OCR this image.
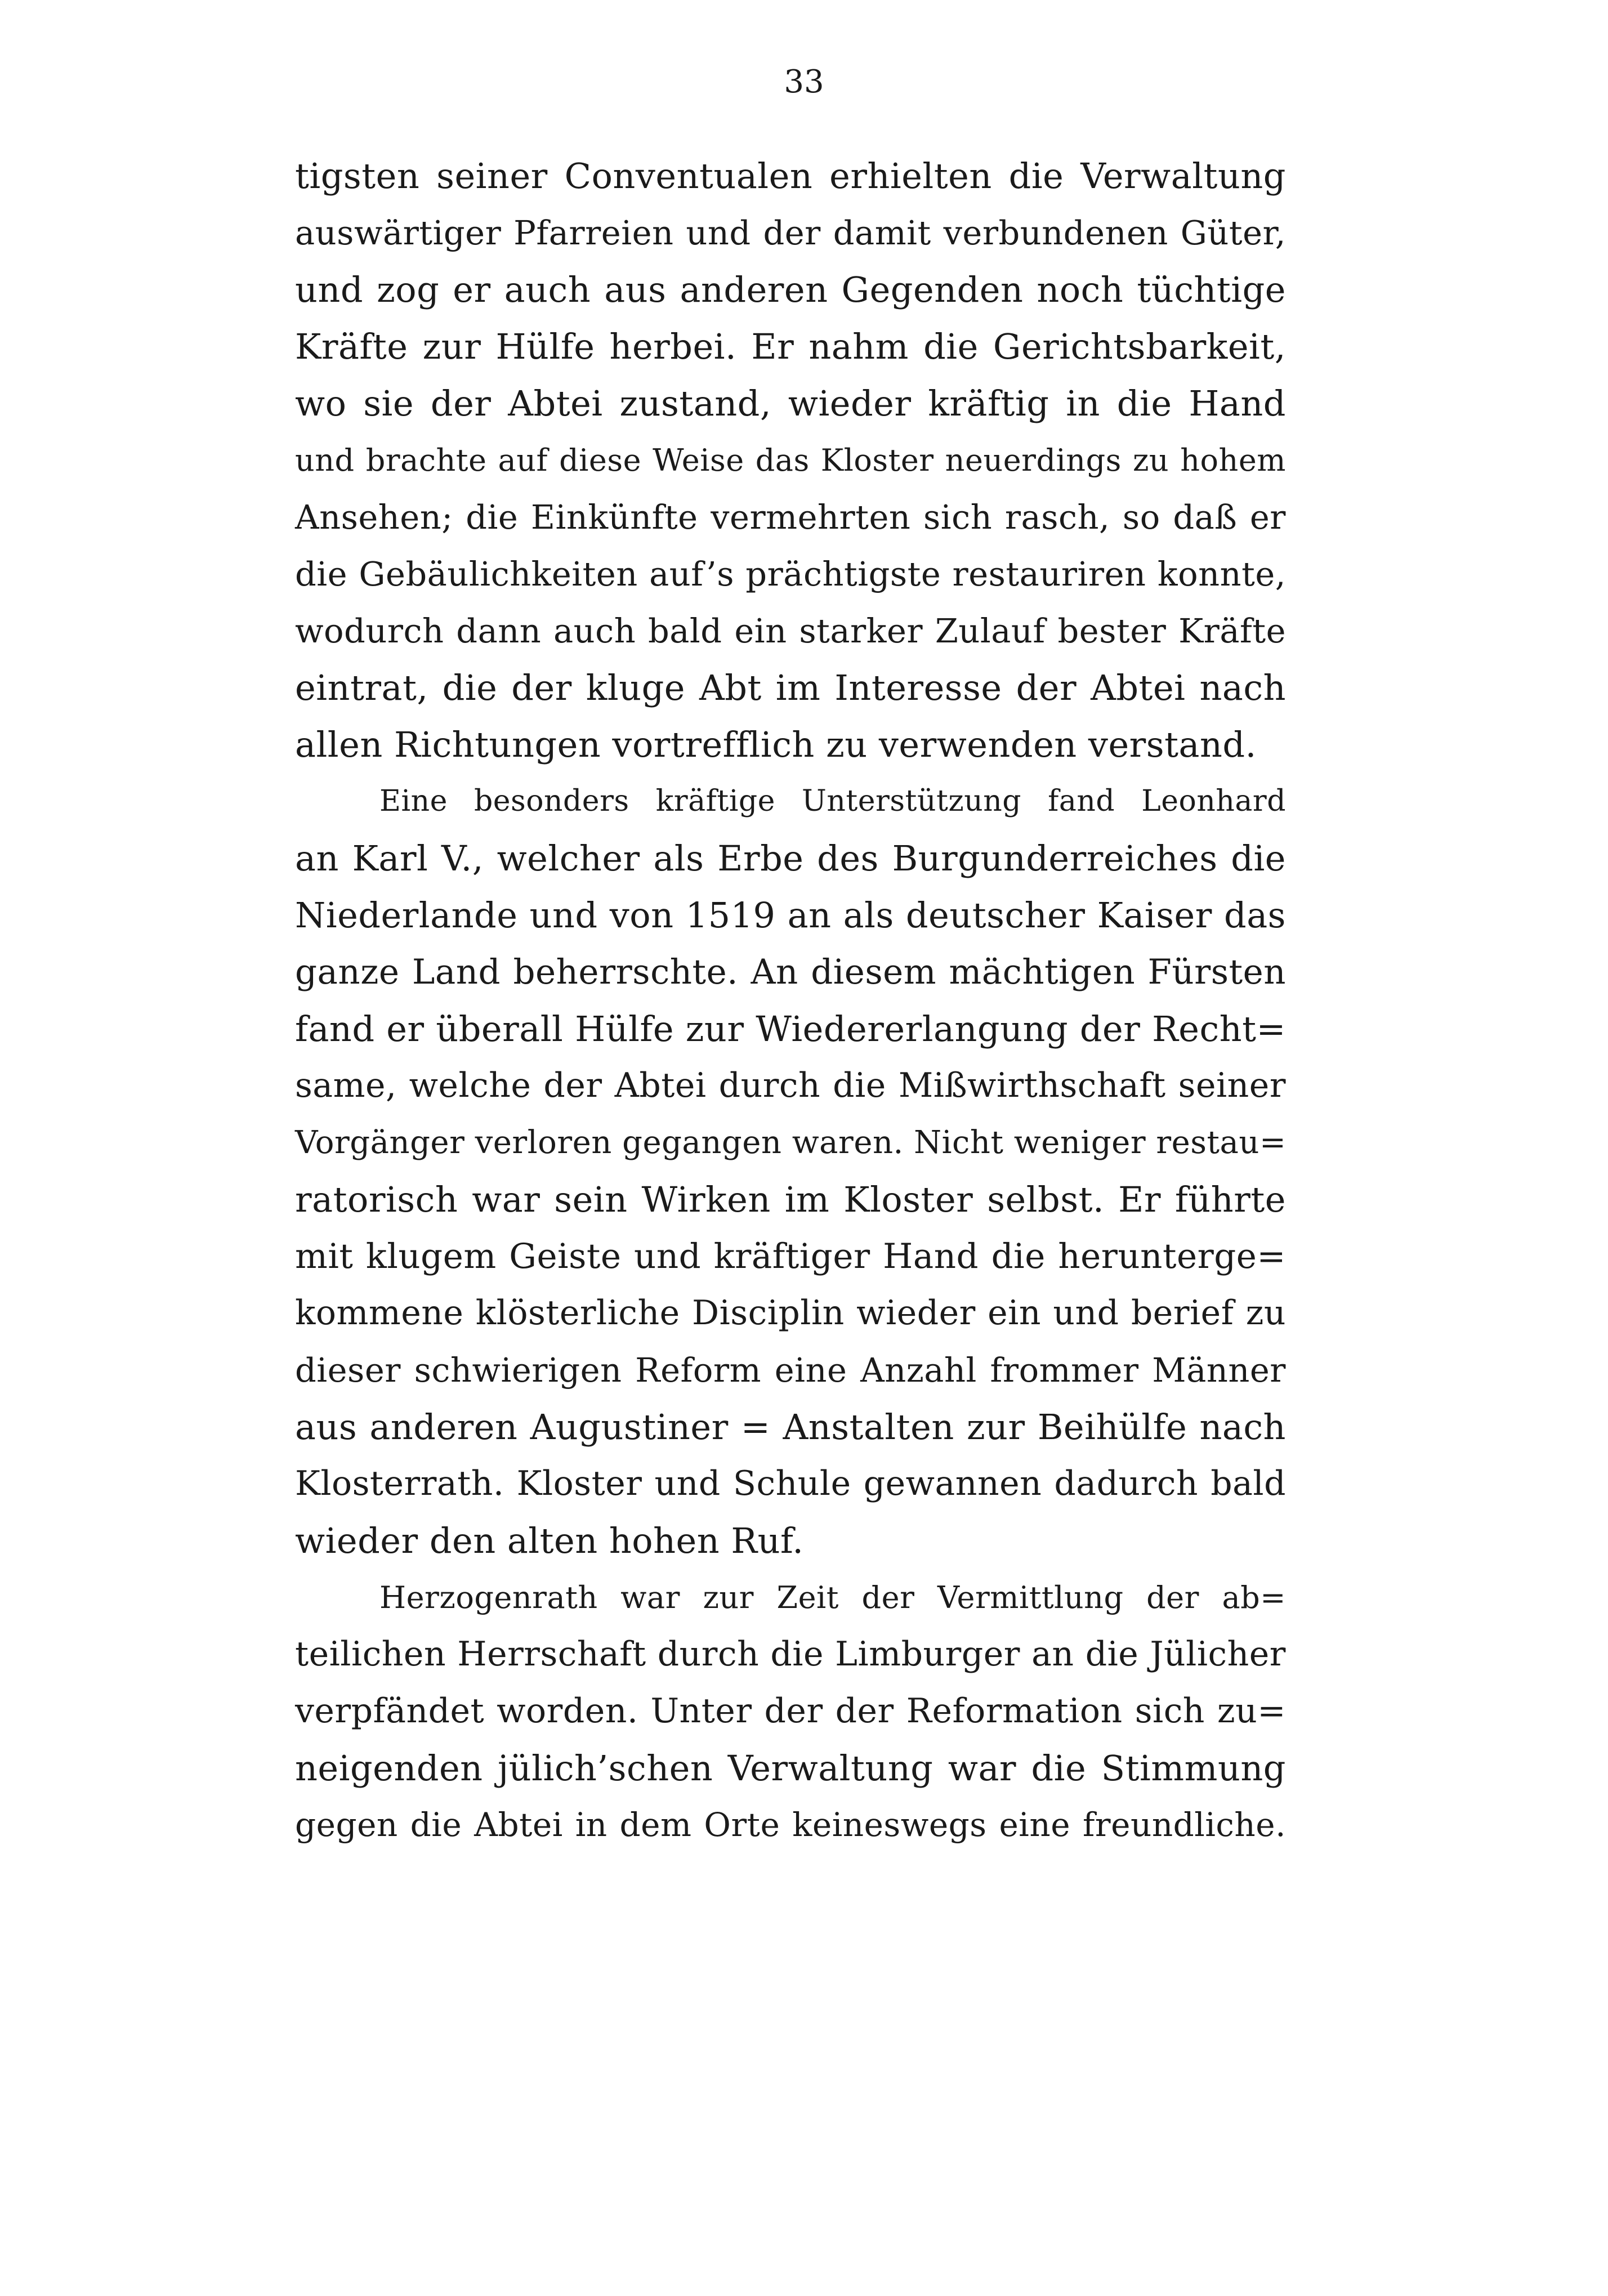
33
tigsten seiner Conventualen erhielten die Verwaltung
auswärtiger Pfarreien und der damit verbundenen Güter,
und zog er auch aus anderen Gegenden noch tüchtige
Kräfte zur Hülfe herbei. Er nahm die Gerichtsbarkeit,
wo sie der Abtei zustand, wieder kräftig in die Hand
und brachte auf diese Weise das Kloster neuerdings zu hohem
Ansehen; die Einkünfte vermehrten sich rasch, so daß er
die Gebäulichkeiten auf’s prächtigste restauriren konnte,
wodurch dann auch bald ein starker Zulauf bester Kräfte
eintrat, die der kluge Abt im Interesse der Abtei nach
allen Richtungen vortrefflich zu verwenden verstand.
Eine besonders kräftige Unterstützung fand Leonhard
an Karl V., welcher als Erbe des Burgunderreiches die
Niederlande und von 1519 an als deutscher Kaiser das
ganze Land beherrschte. An diesem mächtigen Fürsten
fand er überall Hülfe zur Wiedererlangung der Recht=
same, welche der Abtei durch die Mißwirthschaft seiner
Vorgänger verloren gegangen waren. Nicht weniger restau=
ratorisch war sein Wirken im Kloster selbst. Er führte
mit klugem Geiste und kräftiger Hand die herunterge=
kommene klösterliche Disciplin wieder ein und berief zu
dieser schwierigen Reform eine Anzahl frommer Männer
aus anderen Augustiner = Anstalten zur Beihülfe nach
Klosterrath. Kloster und Schule gewannen dadurch bald
wieder den alten hohen Ruf.
Herzogenrath war zur Zeit der Vermittlung der ab=
teilichen Herrschaft durch die Limburger an die Jülicher
verpfändet worden. Unter der der Reformation sich zu=
neigenden jülich’schen Verwaltung war die Stimmung
gegen die Abtei in dem Orte keineswegs eine freundliche.
